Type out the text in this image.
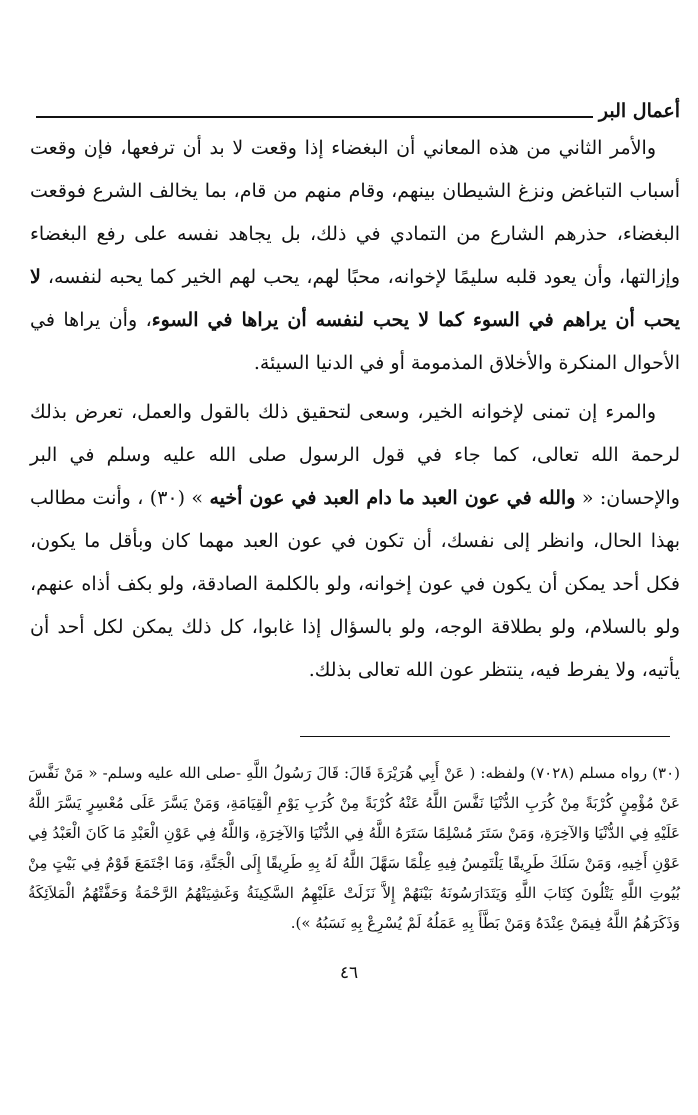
أعمال البر

والأمر الثاني من هذه المعاني أن البغضاء إذا وقعت لا بد أن ترفعها، فإن وقعت أسباب التباغض ونزغ الشيطان بينهم، وقام منهم من قام، بما يخالف الشرع فوقعت البغضاء، حذرهم الشارع من التمادي في ذلك، بل يجاهد نفسه على رفع البغضاء وإزالتها، وأن يعود قلبه سليمًا لإخوانه، محبًا لهم، يحب لهم الخير كما يحبه لنفسه، لا يحب أن يراهم في السوء كما لا يحب لنفسه أن يراها في السوء، وأن يراها في الأحوال المنكرة والأخلاق المذمومة أو في الدنيا السيئة.

والمرء إن تمنى لإخوانه الخير، وسعى لتحقيق ذلك بالقول والعمل، تعرض بذلك لرحمة الله تعالى، كما جاء في قول الرسول صلى الله عليه وسلم في البر والإحسان: « والله في عون العبد ما دام العبد في عون أخيه » (٣٠) ، وأنت مطالب بهذا الحال، وانظر إلى نفسك، أن تكون في عون العبد مهما كان وبأقل ما يكون، فكل أحد يمكن أن يكون في عون إخوانه، ولو بالكلمة الصادقة، ولو بكف أذاه عنهم، ولو بالسلام، ولو بطلاقة الوجه، ولو بالسؤال إذا غابوا، كل ذلك يمكن لكل أحد أن يأتيه، ولا يفرط فيه، ينتظر عون الله تعالى بذلك.

(٣٠) رواه مسلم (٧٠٢٨) ولفظه: ( عَنْ أَبِي هُرَيْرَةَ قَالَ: قَالَ رَسُولُ اللَّهِ -صلى الله عليه وسلم- « مَنْ نَفَّسَ عَنْ مُؤْمِنٍ كُرْبَةً مِنْ كُرَبِ الدُّنْيَا نَفَّسَ اللَّهُ عَنْهُ كُرْبَةً مِنْ كُرَبِ يَوْمِ الْقِيَامَةِ، وَمَنْ يَسَّرَ عَلَى مُعْسِرٍ يَسَّرَ اللَّهُ عَلَيْهِ فِي الدُّنْيَا وَالآخِرَةِ، وَمَنْ سَتَرَ مُسْلِمًا سَتَرَهُ اللَّهُ فِي الدُّنْيَا وَالآخِرَةِ، وَاللَّهُ فِي عَوْنِ الْعَبْدِ مَا كَانَ الْعَبْدُ فِي عَوْنِ أَخِيهِ، وَمَنْ سَلَكَ طَرِيقًا يَلْتَمِسُ فِيهِ عِلْمًا سَهَّلَ اللَّهُ لَهُ بِهِ طَرِيقًا إِلَى الْجَنَّةِ، وَمَا اجْتَمَعَ قَوْمٌ فِي بَيْتٍ مِنْ بُيُوتِ اللَّهِ يَتْلُونَ كِتَابَ اللَّهِ وَيَتَدَارَسُونَهُ بَيْنَهُمْ إِلاَّ نَزَلَتْ عَلَيْهِمُ السَّكِينَةُ وَغَشِيَتْهُمُ الرَّحْمَةُ وَحَفَّتْهُمُ الْمَلاَئِكَةُ وَذَكَرَهُمُ اللَّهُ فِيمَنْ عِنْدَهُ وَمَنْ بَطَّأَ بِهِ عَمَلُهُ لَمْ يُسْرِعْ بِهِ نَسَبُهُ »).

٤٦
